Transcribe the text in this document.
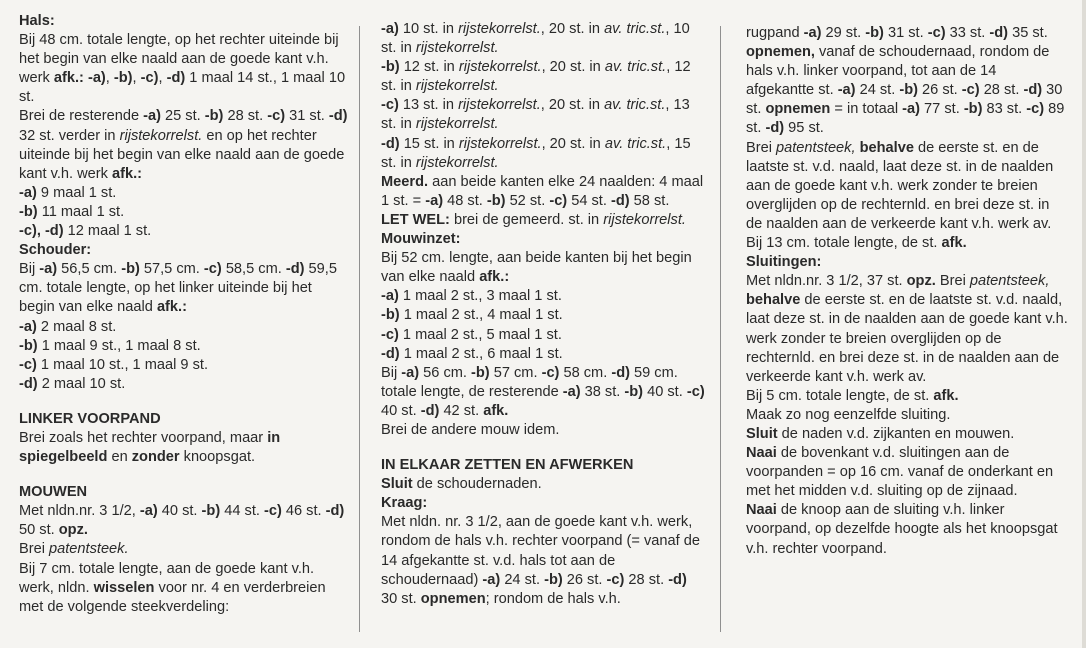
Hals:

Bij 48 cm. totale lengte, op het rechter uiteinde bij het begin van elke naald aan de goede kant v.h. werk afk.: -a), -b), -c), -d) 1 maal 14 st., 1 maal 10 st.

Brei de resterende -a) 25 st. -b) 28 st. -c) 31 st. -d) 32 st. verder in rijstekorrelst. en op het rechter uiteinde bij het begin van elke naald aan de goede kant v.h. werk afk.:

-a) 9 maal 1 st.

-b) 11 maal 1 st.

-c), -d) 12 maal 1 st.

Schouder:

Bij -a) 56,5 cm. -b) 57,5 cm. -c) 58,5 cm. -d) 59,5 cm. totale lengte, op het linker uiteinde bij het begin van elke naald afk.:

-a) 2 maal 8 st.

-b) 1 maal 9 st., 1 maal 8 st.

-c) 1 maal 10 st., 1 maal 9 st.

-d) 2 maal 10 st.

LINKER VOORPAND

Brei zoals het rechter voorpand, maar in spiegelbeeld en zonder knoopsgat.

MOUWEN

Met nldn.nr. 3 1/2, -a) 40 st. -b) 44 st. -c) 46 st. -d) 50 st. opz.

Brei patentsteek.

Bij 7 cm. totale lengte, aan de goede kant v.h. werk, nldn. wisselen voor nr. 4 en verderbreien met de volgende steekverdeling:

-a) 10 st. in rijstekorrelst., 20 st. in av. tric.st., 10 st. in rijstekorrelst.

-b) 12 st. in rijstekorrelst., 20 st. in av. tric.st., 12 st. in rijstekorrelst.

-c) 13 st. in rijstekorrelst., 20 st. in av. tric.st., 13 st. in rijstekorrelst.

-d) 15 st. in rijstekorrelst., 20 st. in av. tric.st., 15 st. in rijstekorrelst.

Meerd. aan beide kanten elke 24 naalden: 4 maal 1 st. = -a) 48 st. -b) 52 st. -c) 54 st. -d) 58 st.

LET WEL: brei de gemeerd. st. in rijstekorrelst.

Mouwinzet:

Bij 52 cm. lengte, aan beide kanten bij het begin van elke naald afk.:

-a) 1 maal 2 st., 3 maal 1 st.

-b) 1 maal 2 st., 4 maal 1 st.

-c) 1 maal 2 st., 5 maal 1 st.

-d) 1 maal 2 st., 6 maal 1 st.

Bij -a) 56 cm. -b) 57 cm. -c) 58 cm. -d) 59 cm. totale lengte, de resterende -a) 38 st. -b) 40 st. -c) 40 st. -d) 42 st. afk.

Brei de andere mouw idem.

IN ELKAAR ZETTEN EN AFWERKEN

Sluit de schoudernaden.

Kraag:

Met nldn. nr. 3 1/2, aan de goede kant v.h. werk, rondom de hals v.h. rechter voorpand (= vanaf de 14 afgekantte st. v.d. hals tot aan de schoudernaad) -a) 24 st. -b) 26 st. -c) 28 st. -d) 30 st. opnemen; rondom de hals v.h.

rugpand -a) 29 st. -b) 31 st. -c) 33 st. -d) 35 st. opnemen, vanaf de schoudernaad, rondom de hals v.h. linker voorpand, tot aan de 14 afgekantte st. -a) 24 st. -b) 26 st. -c) 28 st. -d) 30 st. opnemen = in totaal -a) 77 st. -b) 83 st. -c) 89 st. -d) 95 st.

Brei patentsteek, behalve de eerste st. en de laatste st. v.d. naald, laat deze st. in de naalden aan de goede kant v.h. werk zonder te breien overglijden op de rechternld. en brei deze st. in de naalden aan de verkeerde kant v.h. werk av.

Bij 13 cm. totale lengte, de st. afk.

Sluitingen:

Met nldn.nr. 3 1/2, 37 st. opz. Brei patentsteek, behalve de eerste st. en de laatste st. v.d. naald, laat deze st. in de naalden aan de goede kant v.h. werk zonder te breien overglijden op de rechternld. en brei deze st. in de naalden aan de verkeerde kant v.h. werk av.

Bij 5 cm. totale lengte, de st. afk.

Maak zo nog eenzelfde sluiting.

Sluit de naden v.d. zijkanten en mouwen.

Naai de bovenkant v.d. sluitingen aan de voorpanden = op 16 cm. vanaf de onderkant en met het midden v.d. sluiting op de zijnaad.

Naai de knoop aan de sluiting v.h. linker voorpand, op dezelfde hoogte als het knoopsgat v.h. rechter voorpand.
